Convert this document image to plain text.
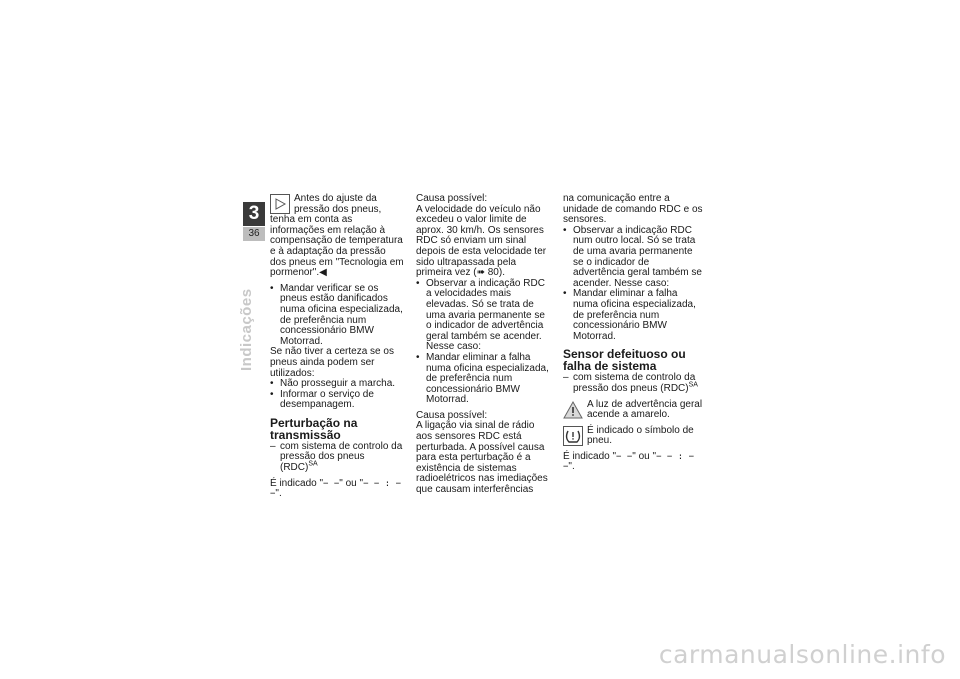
3
36
Indicações
Antes do ajuste da pressão dos pneus, tenha em conta as informações em relação à compensação de temperatura e à adaptação da pressão dos pneus em "Tecnologia em pormenor".◀

• Mandar verificar se os pneus estão danificados numa oficina especializada, de preferência num concessionário BMW Motorrad.

Se não tiver a certeza se os pneus ainda podem ser utilizados:

• Não prosseguir a marcha.

• Informar o serviço de desempanagem.

Perturbação na transmissão

– com sistema de controlo da pressão dos pneus (RDC)$^{SA}$

É indicado "− −" ou "− − : − −".

Causa possível:

A velocidade do veículo não excedeu o valor limite de aprox. 30 km/h. Os sensores RDC só enviam um sinal depois de esta velocidade ter sido ultrapassada pela primeira vez (➠ 80).

• Observar a indicação RDC a velocidades mais elevadas. Só se trata de uma avaria permanente se o indicador de advertência geral também se acender. Nesse caso:

• Mandar eliminar a falha numa oficina especializada, de preferência num concessionário BMW Motorrad.

Causa possível:

A ligação via sinal de rádio aos sensores RDC está perturbada. A possível causa para esta perturbação é a existência de sistemas radioelétricos nas imediações que causam interferências

na comunicação entre a unidade de comando RDC e os sensores.

• Observar a indicação RDC num outro local. Só se trata de uma avaria permanente se o indicador de advertência geral também se acender. Nesse caso:

• Mandar eliminar a falha numa oficina especializada, de preferência num concessionário BMW Motorrad.

Sensor defeituoso ou falha de sistema

– com sistema de controlo da pressão dos pneus (RDC)$^{SA}$

A luz de advertência geral acende a amarelo.
É indicado o símbolo de pneu.

É indicado "− −" ou "− − : − −".

carmanualsonline.info
